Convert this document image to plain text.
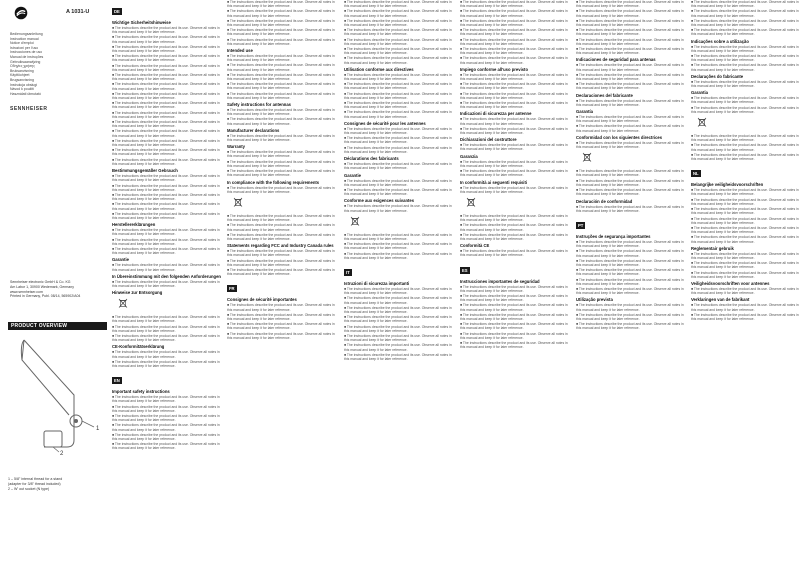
A 1031-U
Bedienungsanleitung
Instruction manual
Notice d'emploi
Istruzioni per l'uso
Instrucciones de uso
Manual de instruções
Gebruiksaanwijzing
Οδηγίες χρήσης
Bruksanvisning
Käyttöohjeet
Brugsanvisning
Instrukcja obsługi
Návod k použití
Használati útmutató
SENNHEISER
Sennheiser electronic GmbH & Co. KG
Am Labor 1, 30900 Wedemark, Germany
www.sennheiser.com
Printed in Germany, Publ. 08/14, 565902/A04
PRODUCT OVERVIEW
1
2
1 – 5/8" internal thread for a stand
(adapter for 3/8" thread included)
2 – W' out socket (N type)
DE
Wichtige Sicherheitshinweise

■ The instructions describe the product and its use. Observe all notes in this manual and keep it for later reference.

■ The instructions describe the product and its use. Observe all notes in this manual and keep it for later reference.

■ The instructions describe the product and its use. Observe all notes in this manual and keep it for later reference.

■ The instructions describe the product and its use. Observe all notes in this manual and keep it for later reference.

■ The instructions describe the product and its use. Observe all notes in this manual and keep it for later reference.

■ The instructions describe the product and its use. Observe all notes in this manual and keep it for later reference.

■ The instructions describe the product and its use. Observe all notes in this manual and keep it for later reference.

■ The instructions describe the product and its use. Observe all notes in this manual and keep it for later reference.

■ The instructions describe the product and its use. Observe all notes in this manual and keep it for later reference.

■ The instructions describe the product and its use. Observe all notes in this manual and keep it for later reference.

■ The instructions describe the product and its use. Observe all notes in this manual and keep it for later reference.

■ The instructions describe the product and its use. Observe all notes in this manual and keep it for later reference.

■ The instructions describe the product and its use. Observe all notes in this manual and keep it for later reference.

■ The instructions describe the product and its use. Observe all notes in this manual and keep it for later reference.

■ The instructions describe the product and its use. Observe all notes in this manual and keep it for later reference.

Bestimmungsgemäßer Gebrauch

■ The instructions describe the product and its use. Observe all notes in this manual and keep it for later reference.

■ The instructions describe the product and its use. Observe all notes in this manual and keep it for later reference.

■ The instructions describe the product and its use. Observe all notes in this manual and keep it for later reference.

■ The instructions describe the product and its use. Observe all notes in this manual and keep it for later reference.

■ The instructions describe the product and its use. Observe all notes in this manual and keep it for later reference.

Herstellererklärungen

■ The instructions describe the product and its use. Observe all notes in this manual and keep it for later reference.

■ The instructions describe the product and its use. Observe all notes in this manual and keep it for later reference.

■ The instructions describe the product and its use. Observe all notes in this manual and keep it for later reference.

Garantie

■ The instructions describe the product and its use. Observe all notes in this manual and keep it for later reference.

In Übereinstimmung mit den folgenden Anforderungen

■ The instructions describe the product and its use. Observe all notes in this manual and keep it for later reference.

Hinweise zur Entsorgung

■ The instructions describe the product and its use. Observe all notes in this manual and keep it for later reference.

■ The instructions describe the product and its use. Observe all notes in this manual and keep it for later reference.

■ The instructions describe the product and its use. Observe all notes in this manual and keep it for later reference.

CE-Konformitätserklärung

■ The instructions describe the product and its use. Observe all notes in this manual and keep it for later reference.

■ The instructions describe the product and its use. Observe all notes in this manual and keep it for later reference.

EN
Important safety instructions

■ The instructions describe the product and its use. Observe all notes in this manual and keep it for later reference.

■ The instructions describe the product and its use. Observe all notes in this manual and keep it for later reference.

■ The instructions describe the product and its use. Observe all notes in this manual and keep it for later reference.

■ The instructions describe the product and its use. Observe all notes in this manual and keep it for later reference.

■ The instructions describe the product and its use. Observe all notes in this manual and keep it for later reference.

■ The instructions describe the product and its use. Observe all notes in this manual and keep it for later reference.

■ The instructions describe the product and its use. Observe all notes in this manual and keep it for later reference.

■ The instructions describe the product and its use. Observe all notes in this manual and keep it for later reference.

■ The instructions describe the product and its use. Observe all notes in this manual and keep it for later reference.

■ The instructions describe the product and its use. Observe all notes in this manual and keep it for later reference.

■ The instructions describe the product and its use. Observe all notes in this manual and keep it for later reference.

Intended use

■ The instructions describe the product and its use. Observe all notes in this manual and keep it for later reference.

■ The instructions describe the product and its use. Observe all notes in this manual and keep it for later reference.

■ The instructions describe the product and its use. Observe all notes in this manual and keep it for later reference.

■ The instructions describe the product and its use. Observe all notes in this manual and keep it for later reference.

■ The instructions describe the product and its use. Observe all notes in this manual and keep it for later reference.

Safety instructions for antennas

■ The instructions describe the product and its use. Observe all notes in this manual and keep it for later reference.

■ The instructions describe the product and its use. Observe all notes in this manual and keep it for later reference.

Manufacturer declarations

■ The instructions describe the product and its use. Observe all notes in this manual and keep it for later reference.

Warranty

■ The instructions describe the product and its use. Observe all notes in this manual and keep it for later reference.

■ The instructions describe the product and its use. Observe all notes in this manual and keep it for later reference.

■ The instructions describe the product and its use. Observe all notes in this manual and keep it for later reference.

In compliance with the following requirements

■ The instructions describe the product and its use. Observe all notes in this manual and keep it for later reference.

■ The instructions describe the product and its use. Observe all notes in this manual and keep it for later reference.

■ The instructions describe the product and its use. Observe all notes in this manual and keep it for later reference.

■ The instructions describe the product and its use. Observe all notes in this manual and keep it for later reference.

Statements regarding FCC and Industry Canada rules

■ The instructions describe the product and its use. Observe all notes in this manual and keep it for later reference.

■ The instructions describe the product and its use. Observe all notes in this manual and keep it for later reference.

■ The instructions describe the product and its use. Observe all notes in this manual and keep it for later reference.

FR
Consignes de sécurité importantes

■ The instructions describe the product and its use. Observe all notes in this manual and keep it for later reference.

■ The instructions describe the product and its use. Observe all notes in this manual and keep it for later reference.

■ The instructions describe the product and its use. Observe all notes in this manual and keep it for later reference.

■ The instructions describe the product and its use. Observe all notes in this manual and keep it for later reference.

■ The instructions describe the product and its use. Observe all notes in this manual and keep it for later reference.

■ The instructions describe the product and its use. Observe all notes in this manual and keep it for later reference.

■ The instructions describe the product and its use. Observe all notes in this manual and keep it for later reference.

■ The instructions describe the product and its use. Observe all notes in this manual and keep it for later reference.

■ The instructions describe the product and its use. Observe all notes in this manual and keep it for later reference.

■ The instructions describe the product and its use. Observe all notes in this manual and keep it for later reference.

■ The instructions describe the product and its use. Observe all notes in this manual and keep it for later reference.

Utilisation conforme aux directives

■ The instructions describe the product and its use. Observe all notes in this manual and keep it for later reference.

■ The instructions describe the product and its use. Observe all notes in this manual and keep it for later reference.

■ The instructions describe the product and its use. Observe all notes in this manual and keep it for later reference.

■ The instructions describe the product and its use. Observe all notes in this manual and keep it for later reference.

■ The instructions describe the product and its use. Observe all notes in this manual and keep it for later reference.

Consignes de sécurité pour les antennes

■ The instructions describe the product and its use. Observe all notes in this manual and keep it for later reference.

■ The instructions describe the product and its use. Observe all notes in this manual and keep it for later reference.

■ The instructions describe the product and its use. Observe all notes in this manual and keep it for later reference.

Déclarations des fabricants

■ The instructions describe the product and its use. Observe all notes in this manual and keep it for later reference.

Garantie

■ The instructions describe the product and its use. Observe all notes in this manual and keep it for later reference.

■ The instructions describe the product and its use. Observe all notes in this manual and keep it for later reference.

Conforme aux exigences suivantes

■ The instructions describe the product and its use. Observe all notes in this manual and keep it for later reference.

■ The instructions describe the product and its use. Observe all notes in this manual and keep it for later reference.

■ The instructions describe the product and its use. Observe all notes in this manual and keep it for later reference.

■ The instructions describe the product and its use. Observe all notes in this manual and keep it for later reference.

IT
Istruzioni di sicurezza importanti

■ The instructions describe the product and its use. Observe all notes in this manual and keep it for later reference.

■ The instructions describe the product and its use. Observe all notes in this manual and keep it for later reference.

■ The instructions describe the product and its use. Observe all notes in this manual and keep it for later reference.

■ The instructions describe the product and its use. Observe all notes in this manual and keep it for later reference.

■ The instructions describe the product and its use. Observe all notes in this manual and keep it for later reference.

■ The instructions describe the product and its use. Observe all notes in this manual and keep it for later reference.

■ The instructions describe the product and its use. Observe all notes in this manual and keep it for later reference.

■ The instructions describe the product and its use. Observe all notes in this manual and keep it for later reference.

■ The instructions describe the product and its use. Observe all notes in this manual and keep it for later reference.

■ The instructions describe the product and its use. Observe all notes in this manual and keep it for later reference.

■ The instructions describe the product and its use. Observe all notes in this manual and keep it for later reference.

■ The instructions describe the product and its use. Observe all notes in this manual and keep it for later reference.

■ The instructions describe the product and its use. Observe all notes in this manual and keep it for later reference.

■ The instructions describe the product and its use. Observe all notes in this manual and keep it for later reference.

■ The instructions describe the product and its use. Observe all notes in this manual and keep it for later reference.

Impiego conforme all'uso previsto

■ The instructions describe the product and its use. Observe all notes in this manual and keep it for later reference.

■ The instructions describe the product and its use. Observe all notes in this manual and keep it for later reference.

■ The instructions describe the product and its use. Observe all notes in this manual and keep it for later reference.

■ The instructions describe the product and its use. Observe all notes in this manual and keep it for later reference.

Indicazioni di sicurezza per antenne

■ The instructions describe the product and its use. Observe all notes in this manual and keep it for later reference.

■ The instructions describe the product and its use. Observe all notes in this manual and keep it for later reference.

Dichiarazioni del costruttore

■ The instructions describe the product and its use. Observe all notes in this manual and keep it for later reference.

Garanzia

■ The instructions describe the product and its use. Observe all notes in this manual and keep it for later reference.

■ The instructions describe the product and its use. Observe all notes in this manual and keep it for later reference.

In conformità ai seguenti requisiti

■ The instructions describe the product and its use. Observe all notes in this manual and keep it for later reference.

■ The instructions describe the product and its use. Observe all notes in this manual and keep it for later reference.

■ The instructions describe the product and its use. Observe all notes in this manual and keep it for later reference.

■ The instructions describe the product and its use. Observe all notes in this manual and keep it for later reference.

Conformità CE

■ The instructions describe the product and its use. Observe all notes in this manual and keep it for later reference.

ES
Instrucciones importantes de seguridad

■ The instructions describe the product and its use. Observe all notes in this manual and keep it for later reference.

■ The instructions describe the product and its use. Observe all notes in this manual and keep it for later reference.

■ The instructions describe the product and its use. Observe all notes in this manual and keep it for later reference.

■ The instructions describe the product and its use. Observe all notes in this manual and keep it for later reference.

■ The instructions describe the product and its use. Observe all notes in this manual and keep it for later reference.

■ The instructions describe the product and its use. Observe all notes in this manual and keep it for later reference.

■ The instructions describe the product and its use. Observe all notes in this manual and keep it for later reference.

■ The instructions describe the product and its use. Observe all notes in this manual and keep it for later reference.

■ The instructions describe the product and its use. Observe all notes in this manual and keep it for later reference.

■ The instructions describe the product and its use. Observe all notes in this manual and keep it for later reference.

■ The instructions describe the product and its use. Observe all notes in this manual and keep it for later reference.

■ The instructions describe the product and its use. Observe all notes in this manual and keep it for later reference.

■ The instructions describe the product and its use. Observe all notes in this manual and keep it for later reference.

Indicaciones de seguridad para antenas

■ The instructions describe the product and its use. Observe all notes in this manual and keep it for later reference.

■ The instructions describe the product and its use. Observe all notes in this manual and keep it for later reference.

■ The instructions describe the product and its use. Observe all notes in this manual and keep it for later reference.

Declaraciones del fabricante

■ The instructions describe the product and its use. Observe all notes in this manual and keep it for later reference.

Garantía

■ The instructions describe the product and its use. Observe all notes in this manual and keep it for later reference.

■ The instructions describe the product and its use. Observe all notes in this manual and keep it for later reference.

Conformidad con los siguientes directrices

■ The instructions describe the product and its use. Observe all notes in this manual and keep it for later reference.

■ The instructions describe the product and its use. Observe all notes in this manual and keep it for later reference.

■ The instructions describe the product and its use. Observe all notes in this manual and keep it for later reference.

■ The instructions describe the product and its use. Observe all notes in this manual and keep it for later reference.

Declaración de conformidad

■ The instructions describe the product and its use. Observe all notes in this manual and keep it for later reference.

PT
Instruções de segurança importantes

■ The instructions describe the product and its use. Observe all notes in this manual and keep it for later reference.

■ The instructions describe the product and its use. Observe all notes in this manual and keep it for later reference.

■ The instructions describe the product and its use. Observe all notes in this manual and keep it for later reference.

■ The instructions describe the product and its use. Observe all notes in this manual and keep it for later reference.

■ The instructions describe the product and its use. Observe all notes in this manual and keep it for later reference.

■ The instructions describe the product and its use. Observe all notes in this manual and keep it for later reference.

Utilização prevista

■ The instructions describe the product and its use. Observe all notes in this manual and keep it for later reference.

■ The instructions describe the product and its use. Observe all notes in this manual and keep it for later reference.

■ The instructions describe the product and its use. Observe all notes in this manual and keep it for later reference.

■ The instructions describe the product and its use. Observe all notes in this manual and keep it for later reference.

■ The instructions describe the product and its use. Observe all notes in this manual and keep it for later reference.

■ The instructions describe the product and its use. Observe all notes in this manual and keep it for later reference.

■ The instructions describe the product and its use. Observe all notes in this manual and keep it for later reference.

Indicações sobre a utilização

■ The instructions describe the product and its use. Observe all notes in this manual and keep it for later reference.

■ The instructions describe the product and its use. Observe all notes in this manual and keep it for later reference.

■ The instructions describe the product and its use. Observe all notes in this manual and keep it for later reference.

Declarações do fabricante

■ The instructions describe the product and its use. Observe all notes in this manual and keep it for later reference.

Garantia

■ The instructions describe the product and its use. Observe all notes in this manual and keep it for later reference.

■ The instructions describe the product and its use. Observe all notes in this manual and keep it for later reference.

■ The instructions describe the product and its use. Observe all notes in this manual and keep it for later reference.

■ The instructions describe the product and its use. Observe all notes in this manual and keep it for later reference.

■ The instructions describe the product and its use. Observe all notes in this manual and keep it for later reference.

NL
Belangrijke veiligheidsvoorschriften

■ The instructions describe the product and its use. Observe all notes in this manual and keep it for later reference.

■ The instructions describe the product and its use. Observe all notes in this manual and keep it for later reference.

■ The instructions describe the product and its use. Observe all notes in this manual and keep it for later reference.

■ The instructions describe the product and its use. Observe all notes in this manual and keep it for later reference.

■ The instructions describe the product and its use. Observe all notes in this manual and keep it for later reference.

■ The instructions describe the product and its use. Observe all notes in this manual and keep it for later reference.

Reglementair gebruik

■ The instructions describe the product and its use. Observe all notes in this manual and keep it for later reference.

■ The instructions describe the product and its use. Observe all notes in this manual and keep it for later reference.

■ The instructions describe the product and its use. Observe all notes in this manual and keep it for later reference.

Veiligheidsvoorschriften voor antennes

■ The instructions describe the product and its use. Observe all notes in this manual and keep it for later reference.

Verklaringen van de fabrikant

■ The instructions describe the product and its use. Observe all notes in this manual and keep it for later reference.

■ The instructions describe the product and its use. Observe all notes in this manual and keep it for later reference.
